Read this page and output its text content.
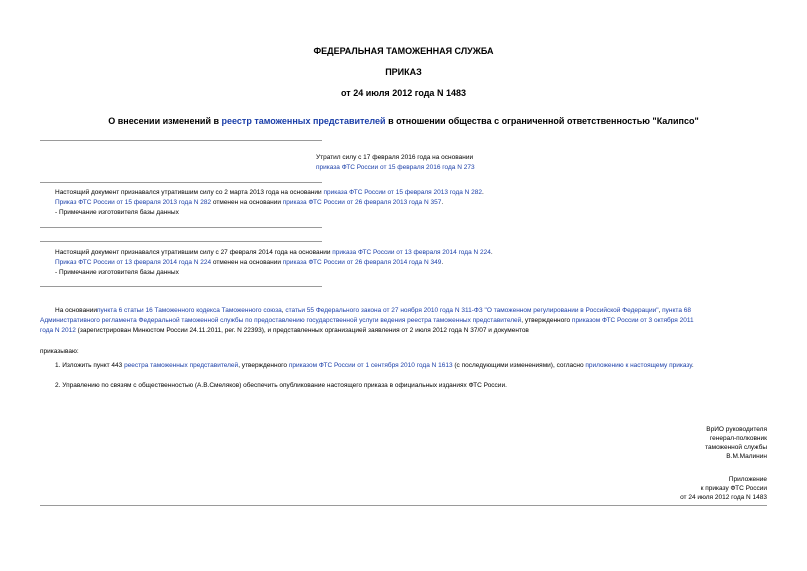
ФЕДЕРАЛЬНАЯ ТАМОЖЕННАЯ СЛУЖБА
ПРИКАЗ
от 24 июля 2012 года N 1483
О внесении изменений в реестр таможенных представителей в отношении общества с ограниченной ответственностью "Калипсо"
Утратил силу с 17 февраля 2016 года на основании
приказа ФТС России от 15 февраля 2016 года N 273
Настоящий документ признавался утратившим силу со 2 марта 2013 года на основании приказа ФТС России от 15 февраля 2013 года N 282.
Приказ ФТС России от 15 февраля 2013 года N 282 отменен на основании приказа ФТС России от 26 февраля 2013 года N 357.
- Примечание изготовителя базы данных
Настоящий документ признавался утратившим силу с 27 февраля 2014 года на основании приказа ФТС России от 13 февраля 2014 года N 224.
Приказ ФТС России от 13 февраля 2014 года N 224 отменен на основании приказа ФТС России от 26 февраля 2014 года N 349.
- Примечание изготовителя базы данных
На основаниипункта 6 статьи 16 Таможенного кодекса Таможенного союза, статьи 55 Федерального закона от 27 ноября 2010 года N 311-ФЗ "О таможенном регулировании в Российской Федерации", пункта 68
Административного регламента Федеральной таможенной службы по предоставлению государственной услуги ведения реестра таможенных представителей, утвержденного приказом ФТС России от 3 октября 2011
года N 2012 (зарегистрирован Минюстом России 24.11.2011, рег. N 22393), и представленных организацией заявления от 2 июля 2012 года N 37/07 и документов
приказываю:
1. Изложить пункт 443 реестра таможенных представителей, утвержденного приказом ФТС России от 1 сентября 2010 года N 1613 (с последующими изменениями), согласно приложению к настоящему приказу.
2. Управлению по связям с общественностью (А.В.Смеляков) обеспечить опубликование настоящего приказа в официальных изданиях ФТС России.
ВрИО руководителя
генерал-полковник
таможенной службы
В.М.Малинин
Приложение
к приказу ФТС России
от 24 июля 2012 года N 1483
